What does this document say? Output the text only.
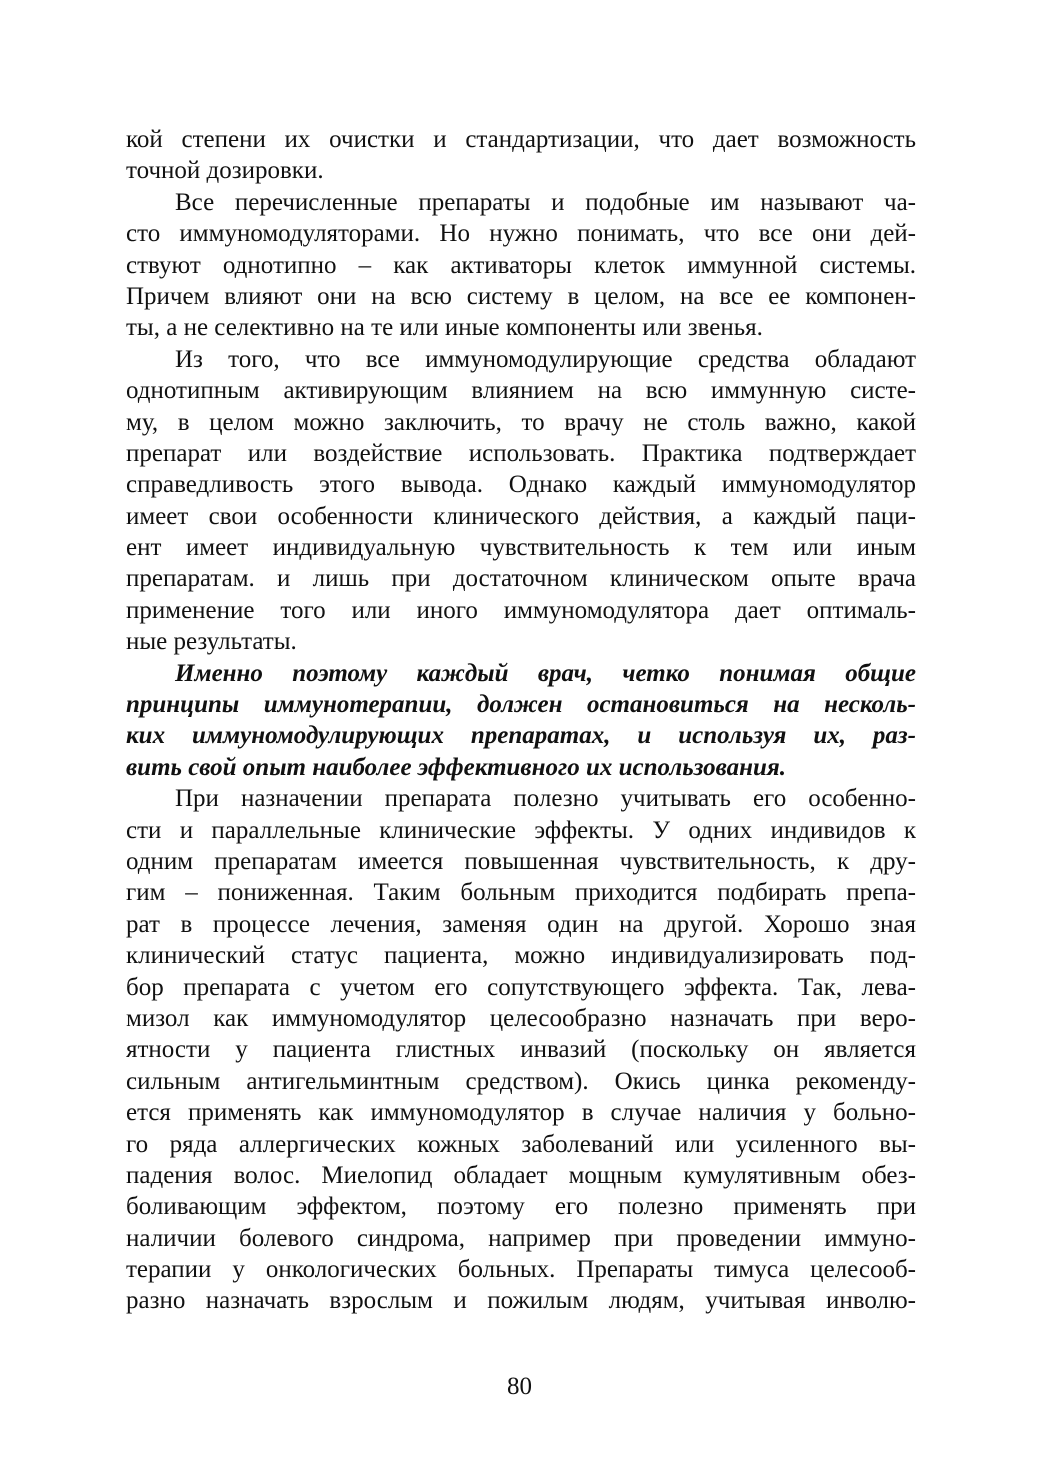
кой степени их очистки и стандартизации, что дает возможность
точной дозировки.
Все перечисленные препараты и подобные им называют ча-
сто иммуномодуляторами. Но нужно понимать, что все они дей-
ствуют однотипно – как активаторы клеток иммунной системы.
Причем влияют они на всю систему в целом, на все ее компонен-
ты, а не селективно на те или иные компоненты или звенья.
Из того, что все иммуномодулирующие средства обладают
однотипным активирующим влиянием на всю иммунную систе-
му, в целом можно заключить, то врачу не столь важно, какой
препарат или воздействие использовать. Практика подтверждает
справедливость этого вывода. Однако каждый иммуномодулятор
имеет свои особенности клинического действия, а каждый паци-
ент имеет индивидуальную чувствительность к тем или иным
препаратам. и лишь при достаточном клиническом опыте врача
применение того или иного иммуномодулятора дает оптималь-
ные результаты.
Именно поэтому каждый врач, четко понимая общие
принципы иммунотерапии, должен остановиться на несколь-
ких иммуномодулирующих препаратах, и используя их, раз-
вить свой опыт наиболее эффективного их использования.
При назначении препарата полезно учитывать его особенно-
сти и параллельные клинические эффекты. У одних индивидов к
одним препаратам имеется повышенная чувствительность, к дру-
гим – пониженная. Таким больным приходится подбирать препа-
рат в процессе лечения, заменяя один на другой. Хорошо зная
клинический статус пациента, можно индивидуализировать под-
бор препарата с учетом его сопутствующего эффекта. Так, лева-
мизол как иммуномодулятор целесообразно назначать при веро-
ятности у пациента глистных инвазий (поскольку он является
сильным антигельминтным средством). Окись цинка рекоменду-
ется применять как иммуномодулятор в случае наличия у больно-
го ряда аллергических кожных заболеваний или усиленного вы-
падения волос. Миелопид обладает мощным кумулятивным обез-
боливающим эффектом, поэтому его полезно применять при
наличии болевого синдрома, например при проведении иммуно-
терапии у онкологических больных. Препараты тимуса целесооб-
разно назначать взрослым и пожилым людям, учитывая инволю-
80
